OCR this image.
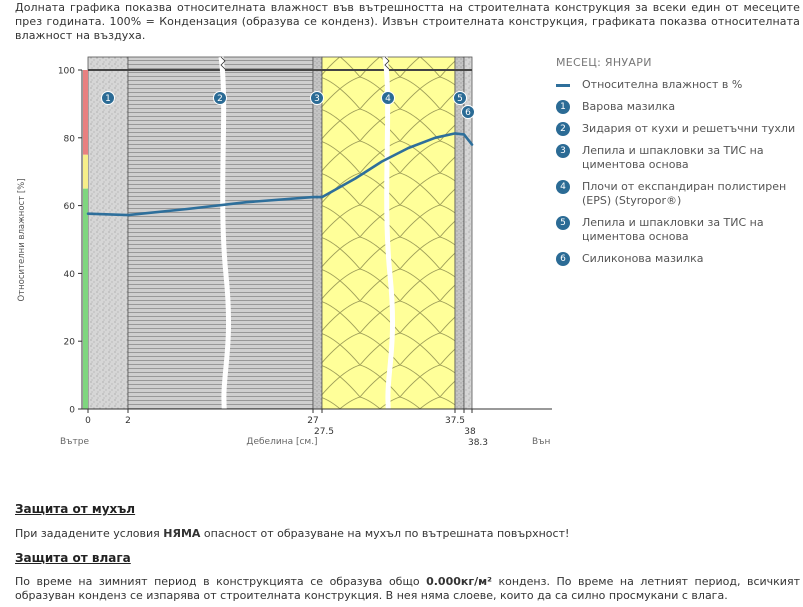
Долната графика показва относителната влажност във вътрешността на строителната конструкция за всеки един от месеците през годината. 100% = Кондензация (образува се конденз). Извън строителната конструкция, графиката показва относителната влажност на въздуха.
0
20
40
60
80
100
Относителни влажност [%]
0	2	27
27.5
37.5
38
38.3
Дебелина [см.]
Вътре	Вън
1	2	3	4	5
6
МЕСЕЦ: ЯНУАРИ
Относителна влажност в %
1	Варова мазилка
2	Зидария от кухи и решетъчни тухли
3	Лепила и шпакловки за ТИС на циментова основа
4	Плочи от експандиран полистирен (EPS) (Styropor®)
5	Лепила и шпакловки за ТИС на циментова основа
6	Силиконова мазилка
Защита от мухъл
При зададените условия НЯМА опасност от образуване на мухъл по вътрешната повърхност!
Защита от влага
По време на зимният период в конструкцията се образува общо 0.000кг/м² конденз. По време на летният период, всичкият образуван конденз се изпарява от строителната конструкция. В нея няма слоеве, които да са силно просмукани с влага.
